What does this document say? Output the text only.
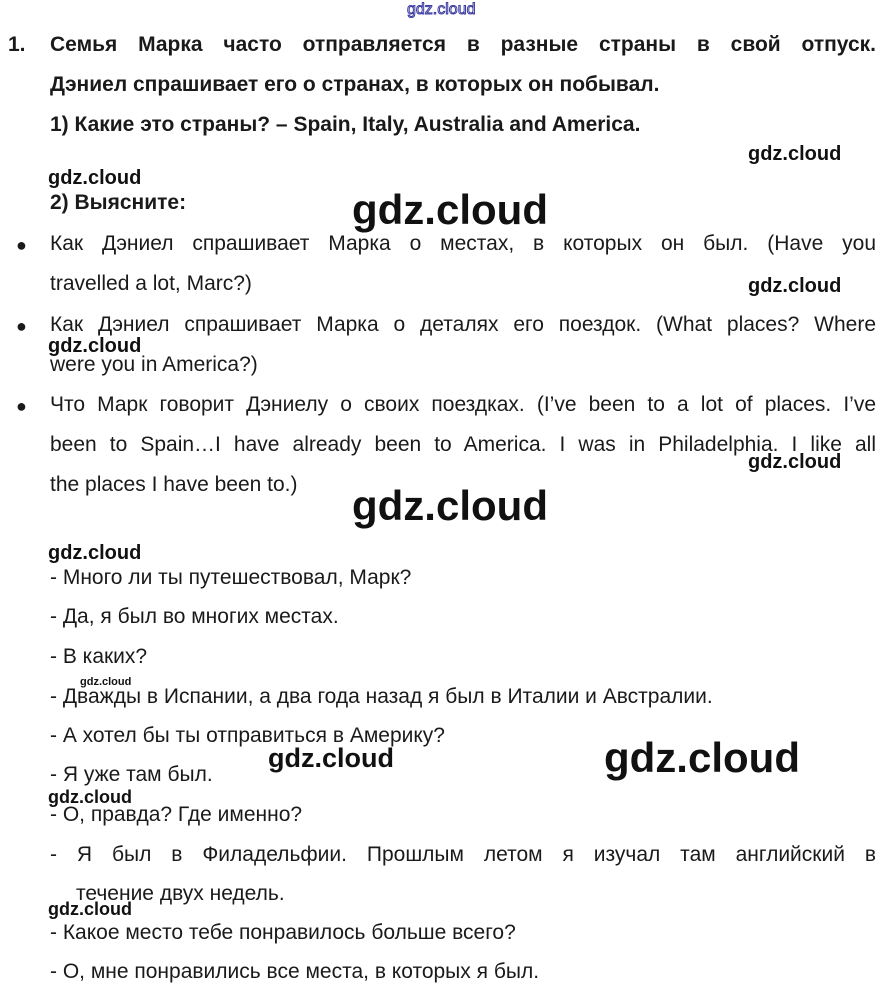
1. Семья Марка часто отправляется в разные страны в свой отпуск.
Дэниел спрашивает его о странах, в которых он побывал.
1) Какие это страны? – Spain, Italy, Australia and America.
2) Выясните:
● Как Дэниел спрашивает Марка о местах, в которых он был. (Have you
travelled a lot, Marc?)
● Как Дэниел спрашивает Марка о деталях его поездок. (What places? Where
were you in America?)
● Что Марк говорит Дэниелу о своих поездках. (I’ve been to a lot of places. I’ve
been to Spain…I have already been to America. I was in Philadelphia. I like all
the places I have been to.)
- Много ли ты путешествовал, Марк?
- Да, я был во многих местах.
- В каких?
- Дважды в Испании, а два года назад я был в Италии и Австралии.
- А хотел бы ты отправиться в Америку?
- Я уже там был.
- О, правда? Где именно?
- Я был в Филадельфии. Прошлым летом я изучал там английский в
течение двух недель.
- Какое место тебе понравилось больше всего?
- О, мне понравились все места, в которых я был.
gdz.cloud
gdz.cloud
gdz.cloud
gdz.cloud
gdz.cloud
gdz.cloud
gdz.cloud
gdz.cloud
gdz.cloud
gdz.cloud
gdz.cloud	gdz.cloud
gdz.cloud
gdz.cloud
